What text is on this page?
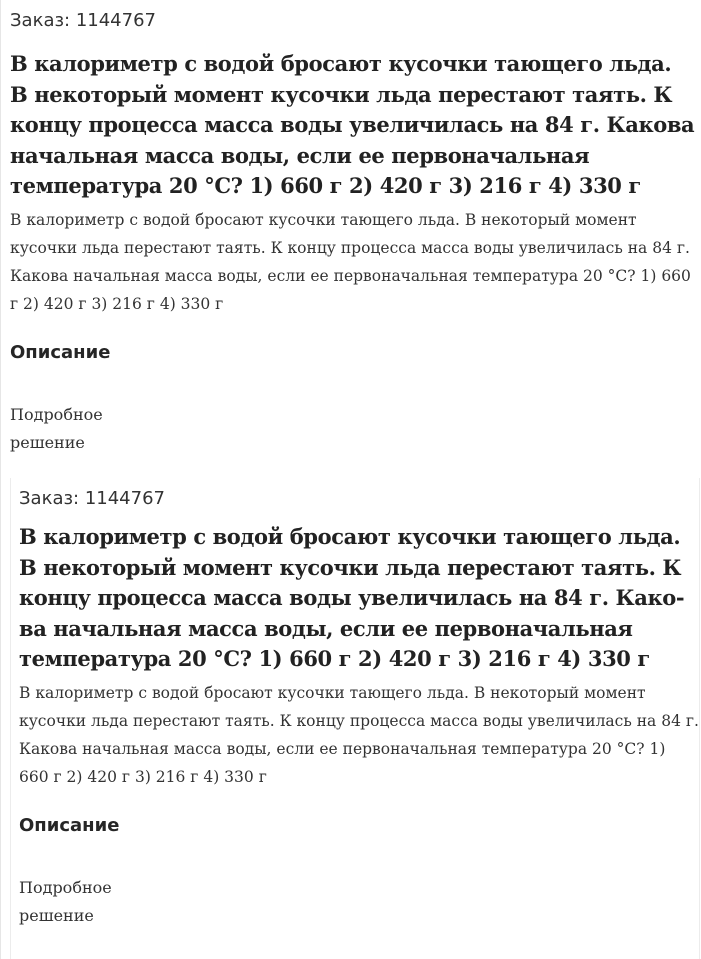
Заказ: 1144767

В калориметр с водой бросают кусочки тающего льда. В некоторый момент кусочки льда перестают таять. К концу процесса масса воды увеличилась на 84 г. Какова начальная масса воды, если ее первоначальная температура 20 °С? 1) 660 г 2) 420 г 3) 216 г 4) 330 г

В калориметр с водой бросают кусочки тающего льда. В некоторый момент кусочки льда перестают таять. К концу процесса масса воды увеличилась на 84 г. Какова начальная масса воды, если ее первоначальная температура 20 °С? 1) 660 г 2) 420 г 3) 216 г 4) 330 г

Описание
Подробное решение

Заказ: 1144767

В калориметр с водой бросают кусочки тающего льда. В некоторый момент кусочки льда перестают таять. К концу процесса масса воды увеличилась на 84 г. Какова начальная масса воды, если ее первоначальная температура 20 °С? 1) 660 г 2) 420 г 3) 216 г 4) 330 г

В калориметр с водой бросают кусочки тающего льда. В некоторый момент кусочки льда перестают таять. К концу процесса масса воды увеличилась на 84 г. Какова начальная масса воды, если ее первоначальная температура 20 °С? 1) 660 г 2) 420 г 3) 216 г 4) 330 г

Описание
Подробное решение
